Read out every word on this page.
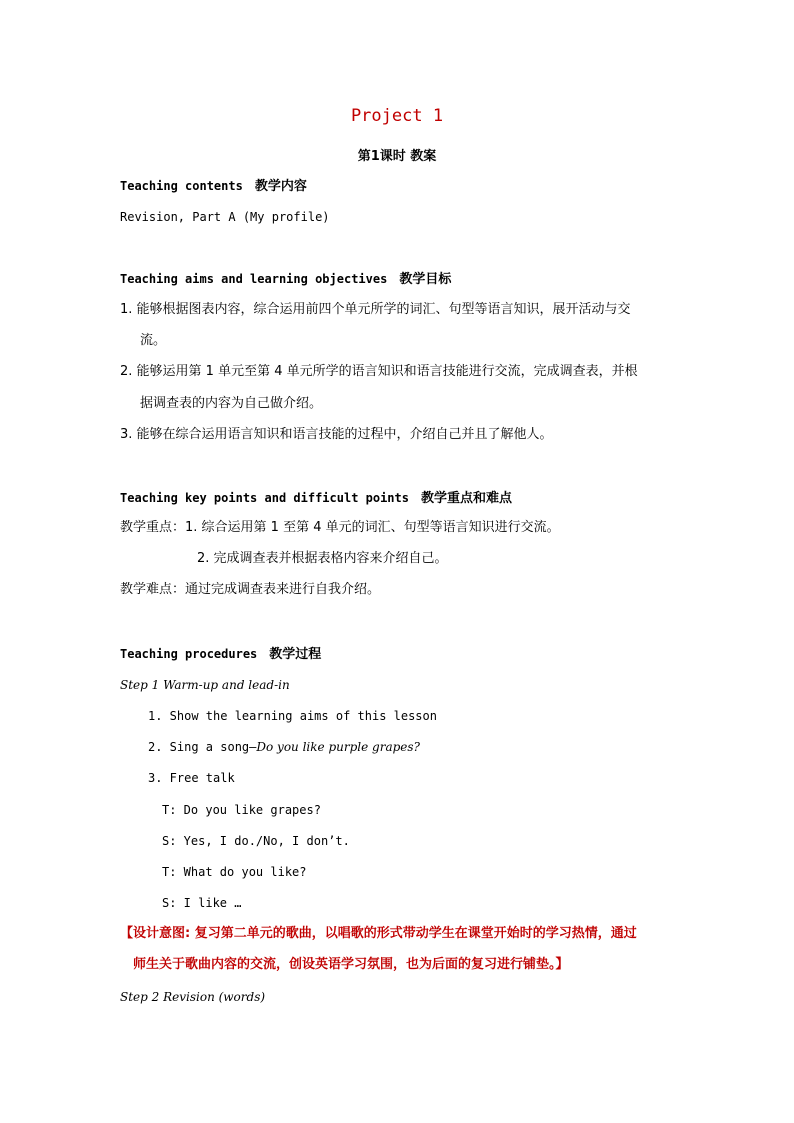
Project 1
第1课时 教案
Teaching contents 教学内容
Revision, Part A (My profile)
Teaching aims and learning objectives 教学目标
1. 能够根据图表内容，综合运用前四个单元所学的词汇、句型等语言知识，展开活动与交
流。
2. 能够运用第 1 单元至第 4 单元所学的语言知识和语言技能进行交流，完成调查表，并根
据调查表的内容为自己做介绍。
3. 能够在综合运用语言知识和语言技能的过程中，介绍自己并且了解他人。
Teaching key points and difficult points 教学重点和难点
教学重点：1. 综合运用第 1 至第 4 单元的词汇、句型等语言知识进行交流。
2. 完成调查表并根据表格内容来介绍自己。
教学难点：通过完成调查表来进行自我介绍。
Teaching procedures 教学过程
Step 1 Warm-up and lead-in
1. Show the learning aims of this lesson
2. Sing a song—Do you like purple grapes?
3. Free talk
T: Do you like grapes?
S: Yes, I do./No, I don’t.
T: What do you like?
S: I like …
【设计意图: 复习第二单元的歌曲，以唱歌的形式带动学生在课堂开始时的学习热情，通过
师生关于歌曲内容的交流，创设英语学习氛围，也为后面的复习进行铺垫。】
Step 2 Revision (words)
